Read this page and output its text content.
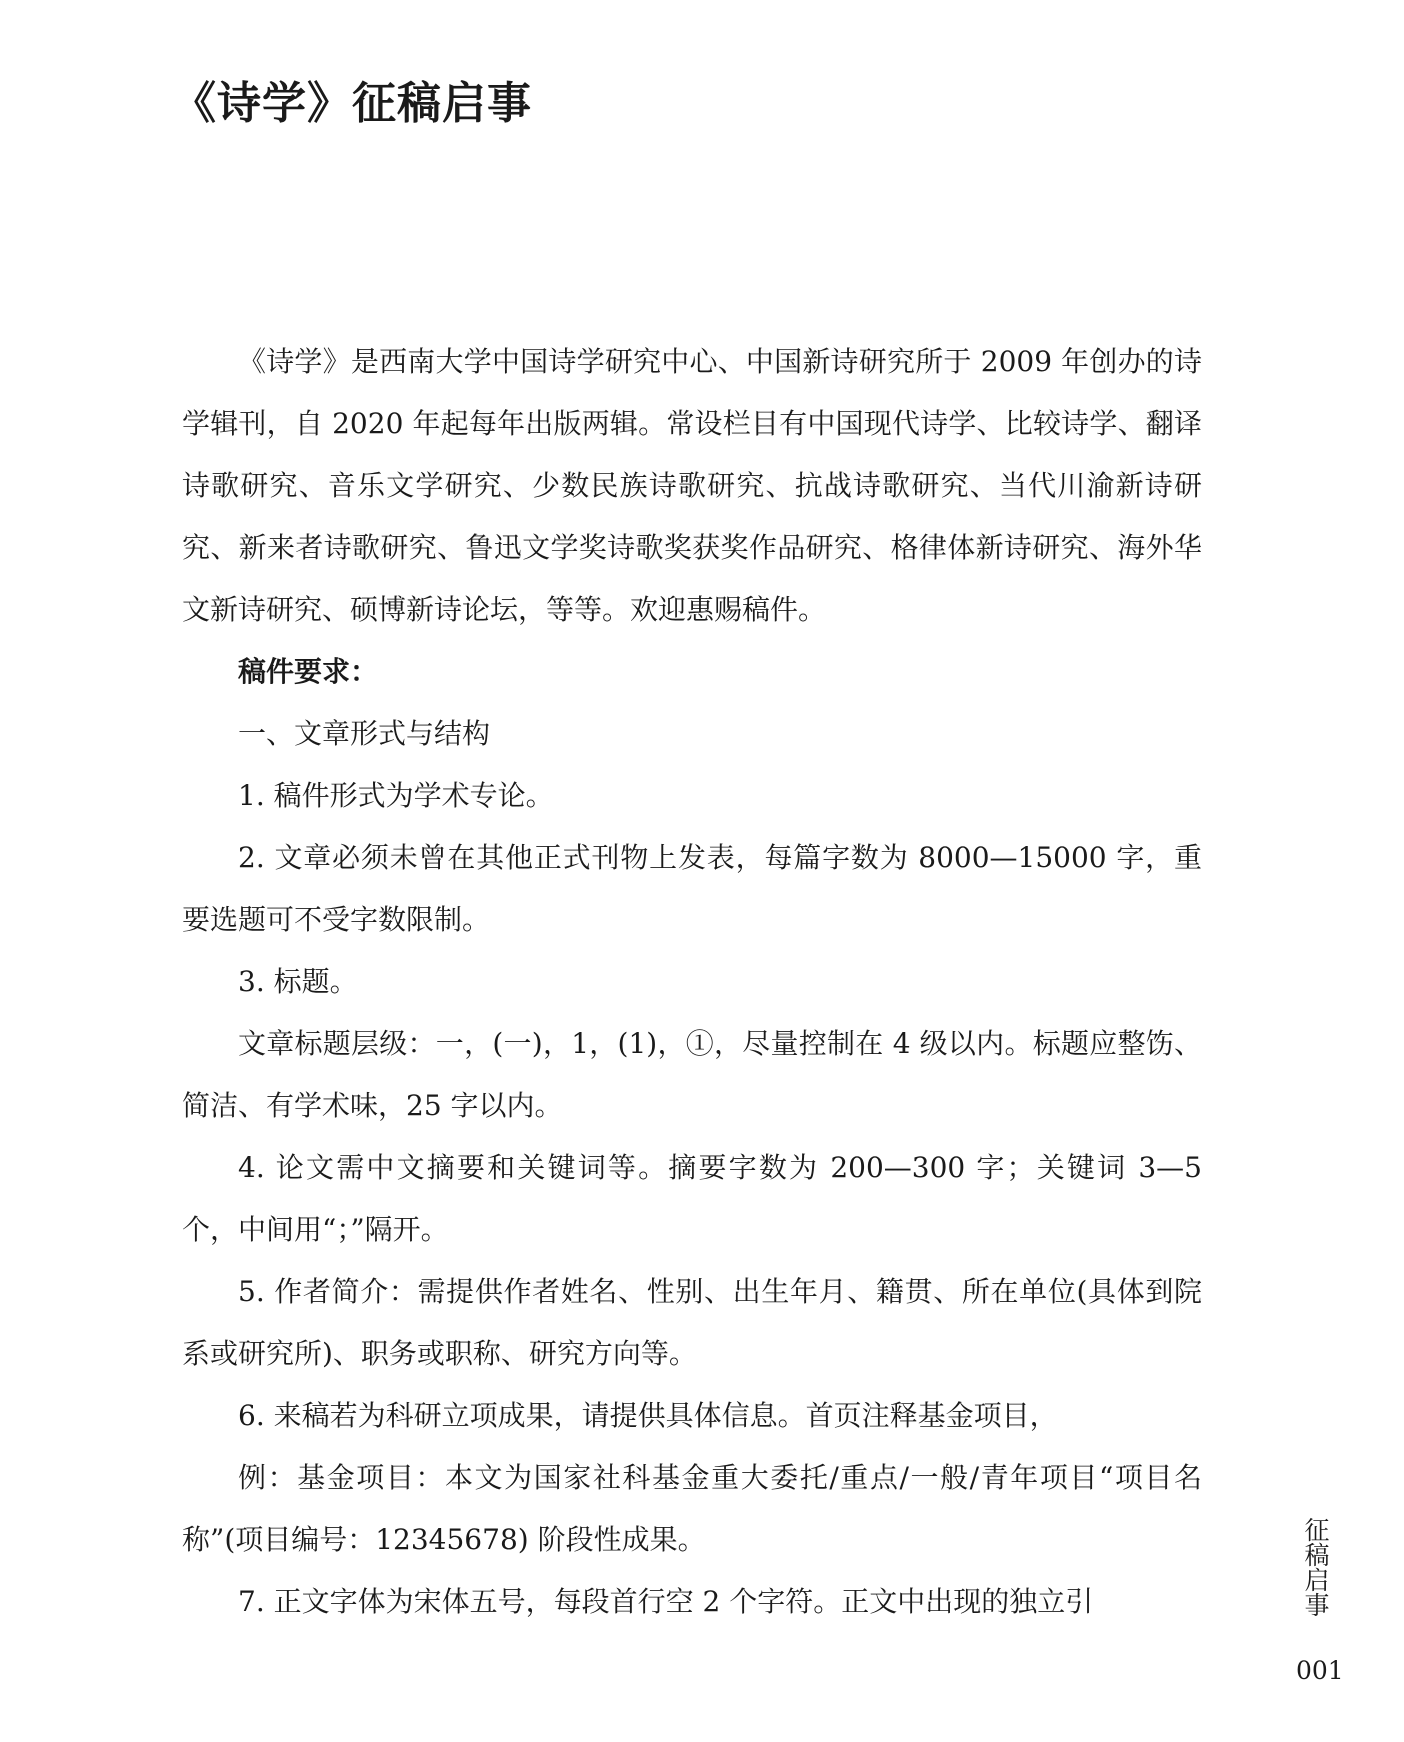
《诗学》征稿启事

《诗学》是西南大学中国诗学研究中心、中国新诗研究所于 2009 年创办的诗学辑刊，自 2020 年起每年出版两辑。常设栏目有中国现代诗学、比较诗学、翻译诗歌研究、音乐文学研究、少数民族诗歌研究、抗战诗歌研究、当代川渝新诗研究、新来者诗歌研究、鲁迅文学奖诗歌奖获奖作品研究、格律体新诗研究、海外华文新诗研究、硕博新诗论坛，等等。欢迎惠赐稿件。

稿件要求：

一、文章形式与结构

1. 稿件形式为学术专论。

2. 文章必须未曾在其他正式刊物上发表，每篇字数为 8000—15000 字，重要选题可不受字数限制。

3. 标题。

文章标题层级：一，(一)，1，(1)，①，尽量控制在 4 级以内。标题应整饬、简洁、有学术味，25 字以内。

4. 论文需中文摘要和关键词等。摘要字数为 200—300 字；关键词 3—5 个，中间用“；”隔开。

5. 作者简介：需提供作者姓名、性别、出生年月、籍贯、所在单位(具体到院系或研究所)、职务或职称、研究方向等。

6. 来稿若为科研立项成果，请提供具体信息。首页注释基金项目，

例：基金项目：本文为国家社科基金重大委托/重点/一般/青年项目“项目名称”(项目编号：12345678) 阶段性成果。

7. 正文字体为宋体五号，每段首行空 2 个字符。正文中出现的独立引	征稿启事
001
